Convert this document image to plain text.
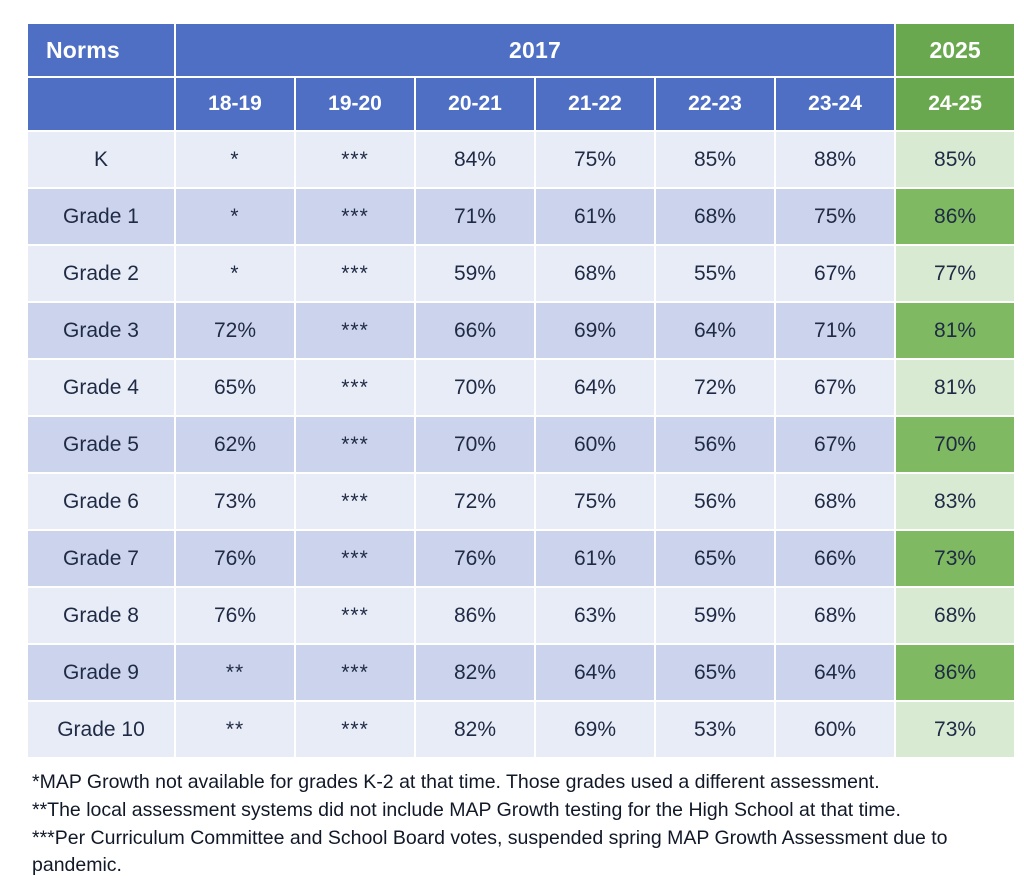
Norms	2017						2025
	18-19	19-20	20-21	21-22	22-23	23-24	24-25
K	*	***	84%	75%	85%	88%	85%
Grade 1	*	***	71%	61%	68%	75%	86%
Grade 2	*	***	59%	68%	55%	67%	77%
Grade 3	72%	***	66%	69%	64%	71%	81%
Grade 4	65%	***	70%	64%	72%	67%	81%
Grade 5	62%	***	70%	60%	56%	67%	70%
Grade 6	73%	***	72%	75%	56%	68%	83%
Grade 7	76%	***	76%	61%	65%	66%	73%
Grade 8	76%	***	86%	63%	59%	68%	68%
Grade 9	**	***	82%	64%	65%	64%	86%
Grade 10	**	***	82%	69%	53%	60%	73%

*MAP Growth not available for grades K-2 at that time. Those grades used a different assessment.

**The local assessment systems did not include MAP Growth testing for the High School at that time.

***Per Curriculum Committee and School Board votes, suspended spring MAP Growth Assessment due to pandemic.
